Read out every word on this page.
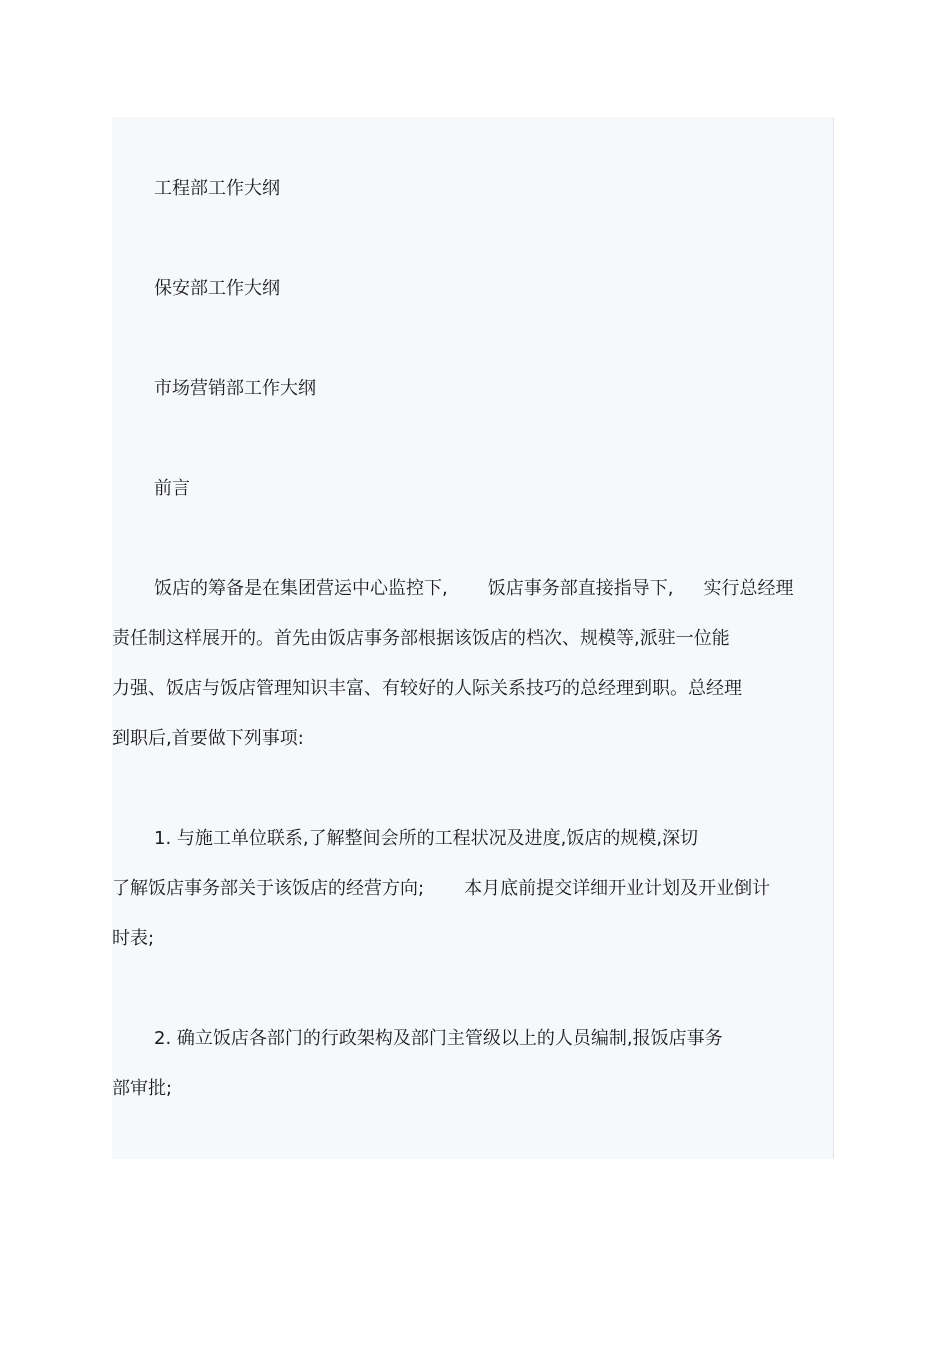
工程部工作大纲
保安部工作大纲
市场营销部工作大纲
前言
饭店的筹备是在集团营运中心监控下, 饭店事务部直接指导下, 实行总经理
责任制这样展开的。首先由饭店事务部根据该饭店的档次、规模等,派驻一位能
力强、饭店与饭店管理知识丰富、有较好的人际关系技巧的总经理到职。总经理
到职后,首要做下列事项:
1. 与施工单位联系,了解整间会所的工程状况及进度,饭店的规模,深切
了解饭店事务部关于该饭店的经营方向; 本月底前提交详细开业计划及开业倒计
时表;
2. 确立饭店各部门的行政架构及部门主管级以上的人员编制,报饭店事务
部审批;
